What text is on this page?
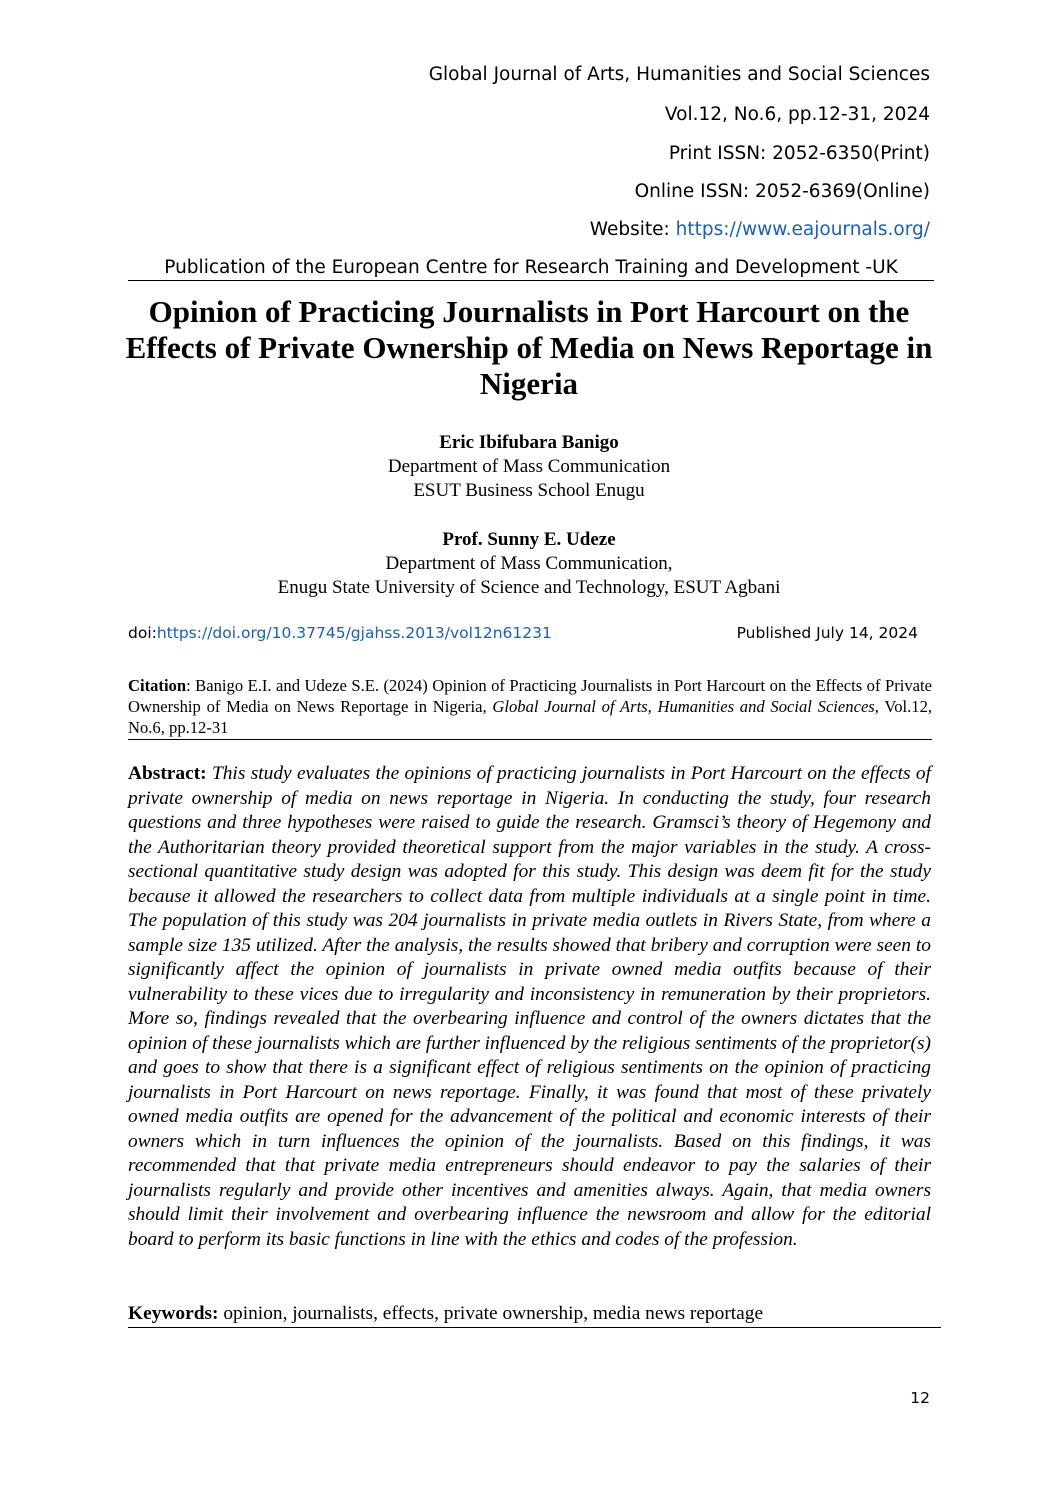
Global Journal of Arts, Humanities and Social Sciences
Vol.12, No.6, pp.12-31, 2024
Print ISSN: 2052-6350(Print)
Online ISSN: 2052-6369(Online)
Website: https://www.eajournals.org/
Publication of the European Centre for Research Training and Development -UK
Opinion of Practicing Journalists in Port Harcourt on the Effects of Private Ownership of Media on News Reportage in Nigeria
Eric Ibifubara Banigo
Department of Mass Communication
ESUT Business School Enugu
Prof. Sunny E. Udeze
Department of Mass Communication,
Enugu State University of Science and Technology, ESUT Agbani
doi:https://doi.org/10.37745/gjahss.2013/vol12n61231	Published July 14, 2024
Citation: Banigo E.I. and Udeze S.E. (2024) Opinion of Practicing Journalists in Port Harcourt on the Effects of Private Ownership of Media on News Reportage in Nigeria, Global Journal of Arts, Humanities and Social Sciences, Vol.12, No.6, pp.12-31
Abstract: This study evaluates the opinions of practicing journalists in Port Harcourt on the effects of private ownership of media on news reportage in Nigeria. In conducting the study, four research questions and three hypotheses were raised to guide the research. Gramsci’s theory of Hegemony and the Authoritarian theory provided theoretical support from the major variables in the study. A cross-sectional quantitative study design was adopted for this study. This design was deem fit for the study because it allowed the researchers to collect data from multiple individuals at a single point in time. The population of this study was 204 journalists in private media outlets in Rivers State, from where a sample size 135 utilized. After the analysis, the results showed that bribery and corruption were seen to significantly affect the opinion of journalists in private owned media outfits because of their vulnerability to these vices due to irregularity and inconsistency in remuneration by their proprietors. More so, findings revealed that the overbearing influence and control of the owners dictates that the opinion of these journalists which are further influenced by the religious sentiments of the proprietor(s) and goes to show that there is a significant effect of religious sentiments on the opinion of practicing journalists in Port Harcourt on news reportage. Finally, it was found that most of these privately owned media outfits are opened for the advancement of the political and economic interests of their owners which in turn influences the opinion of the journalists. Based on this findings, it was recommended that that private media entrepreneurs should endeavor to pay the salaries of their journalists regularly and provide other incentives and amenities always. Again, that media owners should limit their involvement and overbearing influence the newsroom and allow for the editorial board to perform its basic functions in line with the ethics and codes of the profession.
Keywords: opinion, journalists, effects, private ownership, media news reportage
12
